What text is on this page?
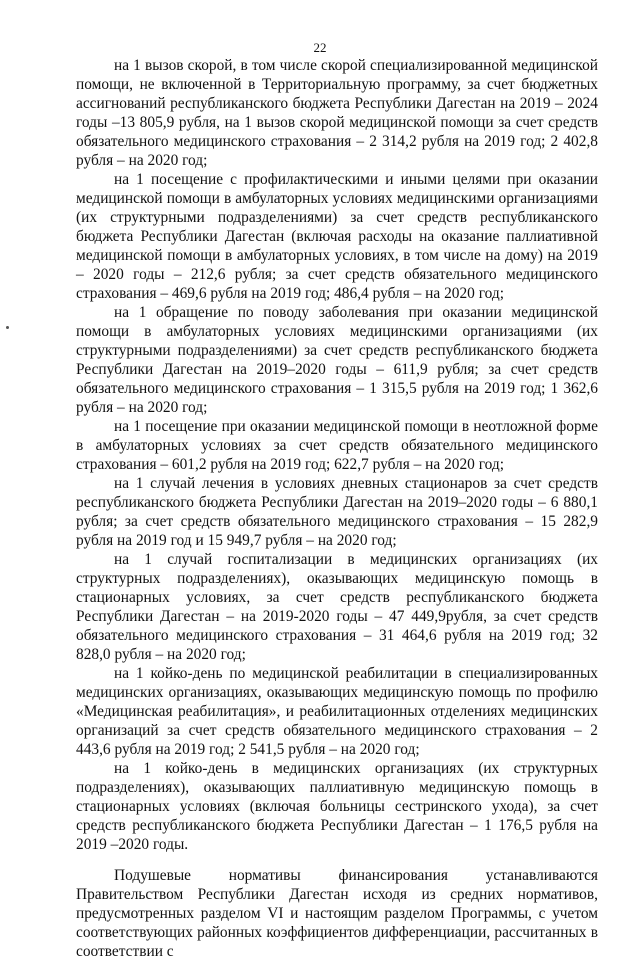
22

на 1 вызов скорой, в том числе скорой специализированной медицинской помощи, не включенной в Территориальную программу, за счет бюджетных ассигнований республиканского бюджета Республики Дагестан на 2019 – 2024 годы –13 805,9 рубля, на 1 вызов скорой медицинской помощи за счет средств обязательного медицинского страхования – 2 314,2 рубля на 2019 год; 2 402,8 рубля – на 2020 год;

на 1 посещение с профилактическими и иными целями при оказании медицинской помощи в амбулаторных условиях медицинскими организациями (их структурными подразделениями) за счет средств республиканского бюджета Республики Дагестан (включая расходы на оказание паллиативной медицинской помощи в амбулаторных условиях, в том числе на дому) на 2019 – 2020 годы – 212,6 рубля; за счет средств обязательного медицинского страхования – 469,6 рубля на 2019 год; 486,4 рубля – на 2020 год;

на 1 обращение по поводу заболевания при оказании медицинской помощи в амбулаторных условиях медицинскими организациями (их структурными подразделениями) за счет средств республиканского бюджета Республики Дагестан на 2019–2020 годы – 611,9 рубля; за счет средств обязательного медицинского страхования – 1 315,5 рубля на 2019 год; 1 362,6 рубля – на 2020 год;

на 1 посещение при оказании медицинской помощи в неотложной форме в амбулаторных условиях за счет средств обязательного медицинского страхования – 601,2 рубля на 2019 год; 622,7 рубля – на 2020 год;

на 1 случай лечения в условиях дневных стационаров за счет средств республиканского бюджета Республики Дагестан на 2019–2020 годы – 6 880,1 рубля; за счет средств обязательного медицинского страхования – 15 282,9 рубля на 2019 год и 15 949,7 рубля – на 2020 год;

на 1 случай госпитализации в медицинских организациях (их структурных подразделениях), оказывающих медицинскую помощь в стационарных условиях, за счет средств республиканского бюджета Республики Дагестан – на 2019-2020 годы – 47 449,9рубля, за счет средств обязательного медицинского страхования – 31 464,6 рубля на 2019 год; 32 828,0 рубля – на 2020 год;

на 1 койко-день по медицинской реабилитации в специализированных медицинских организациях, оказывающих медицинскую помощь по профилю «Медицинская реабилитация», и реабилитационных отделениях медицинских организаций за счет средств обязательного медицинского страхования – 2 443,6 рубля на 2019 год; 2 541,5 рубля – на 2020 год;

на 1 койко-день в медицинских организациях (их структурных подразделениях), оказывающих паллиативную медицинскую помощь в стационарных условиях (включая больницы сестринского ухода), за счет средств республиканского бюджета Республики Дагестан – 1 176,5 рубля на 2019 –2020 годы.

Подушевые нормативы финансирования устанавливаются Правительством Республики Дагестан исходя из средних нормативов, предусмотренных разделом VI и настоящим разделом Программы, с учетом соответствующих районных коэффициентов дифференциации, рассчитанных в соответствии с
